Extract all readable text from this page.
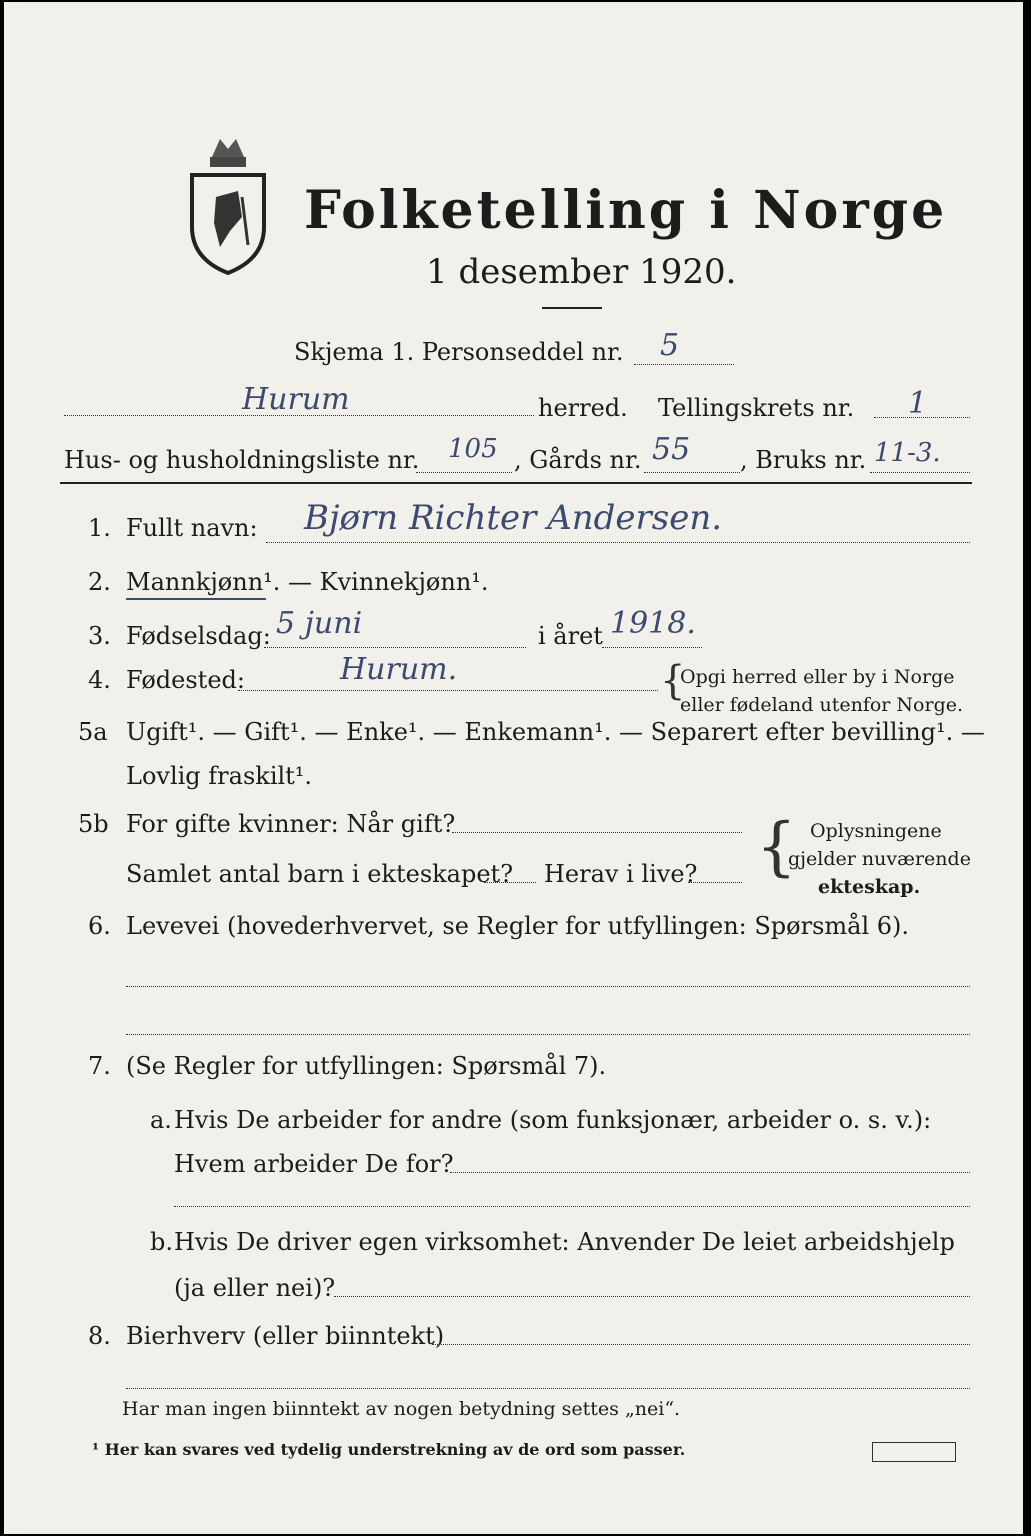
Folketelling i Norge
1 desember 1920.
Skjema 1. Personseddel nr. 5
Hurum	herred. Tellingskrets nr. 1
Hus- og husholdningsliste nr. 105 , Gårds nr. 55 , Bruks nr. 11-3.
1. Fullt navn: Bjørn Richter Andersen.
2. Mannkjønn¹. — Kvinnekjønn¹.
3. Fødselsdag: 5 juni	i året 1918.
4. Fødested:	Hurum.	{
Opgi herred eller by i Norge
eller fødeland utenfor Norge.
5a Ugift¹. — Gift¹. — Enke¹. — Enkemann¹. — Separert efter bevilling¹. —
Lovlig fraskilt¹.
5b For gifte kvinner: Når gift?
Samlet antal barn i ekteskapet? Herav i live? { Oplysningene
gjelder nuværende
ekteskap.
6. Levevei (hovederhvervet, se Regler for utfyllingen: Spørsmål 6).
7. (Se Regler for utfyllingen: Spørsmål 7).
a. Hvis De arbeider for andre (som funksjonær, arbeider o. s. v.):
Hvem arbeider De for?
b. Hvis De driver egen virksomhet: Anvender De leiet arbeidshjelp
(ja eller nei)?
8. Bierhverv (eller biinntekt)
Har man ingen biinntekt av nogen betydning settes „nei“.
¹ Her kan svares ved tydelig understrekning av de ord som passer.
